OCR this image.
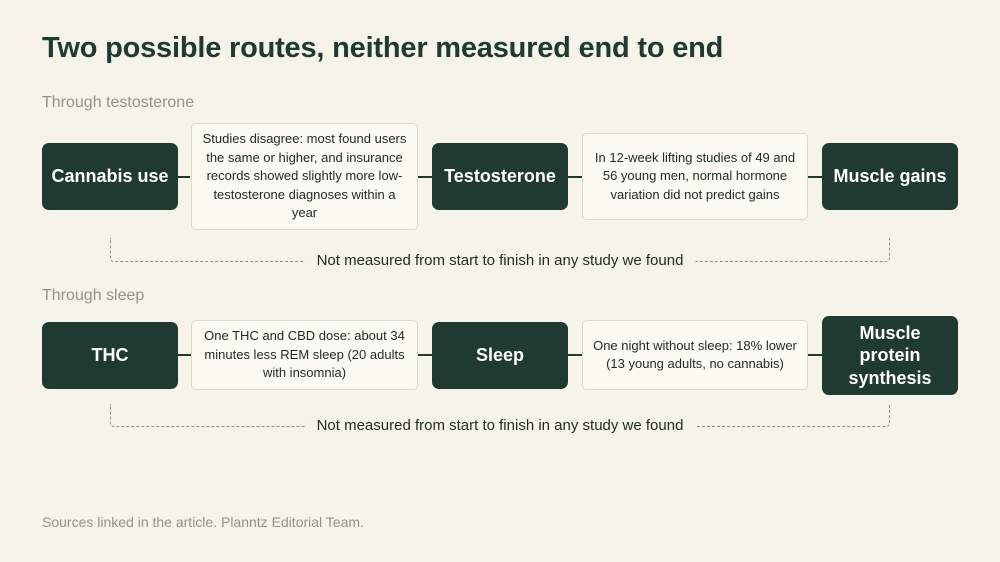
Two possible routes, neither measured end to end
Through testosterone
Cannabis use
Studies disagree: most found users the same or higher, and insurance records showed slightly more low-testosterone diagnoses within a year
Testosterone
In 12-week lifting studies of 49 and 56 young men, normal hormone variation did not predict gains
Muscle gains
Not measured from start to finish in any study we found
Through sleep
THC
One THC and CBD dose: about 34 minutes less REM sleep (20 adults with insomnia)
Sleep
One night without sleep: 18% lower (13 young adults, no cannabis)
Muscle protein synthesis
Not measured from start to finish in any study we found
Sources linked in the article. Planntz Editorial Team.
